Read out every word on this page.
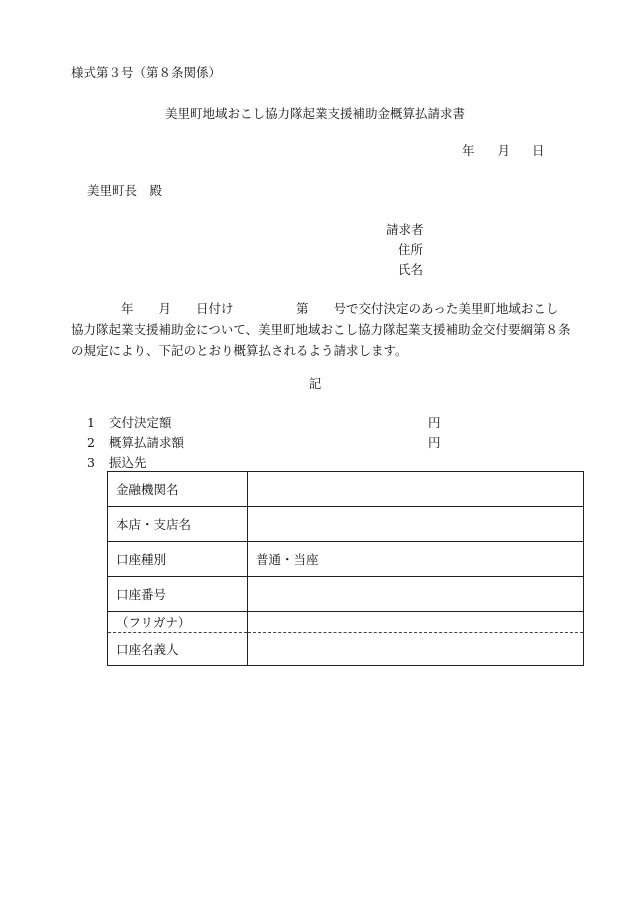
様式第３号（第８条関係）
美里町地域おこし協力隊起業支援補助金概算払請求書
年 月 日
美里町長　殿
請求者
住所
氏名
　　　　年　　月　　日付け　　　　　第　　号で交付決定のあった美里町地域おこし
協力隊起業支援補助金について、美里町地域おこし協力隊起業支援補助金交付要綱第８条
の規定により、下記のとおり概算払されるよう請求します。
記
1 交付決定額	円
2 概算払請求額	円
3 振込先
金融機関名	
本店・支店名	
口座種別	普通・当座
口座番号	
（フリガナ）	
口座名義人	
